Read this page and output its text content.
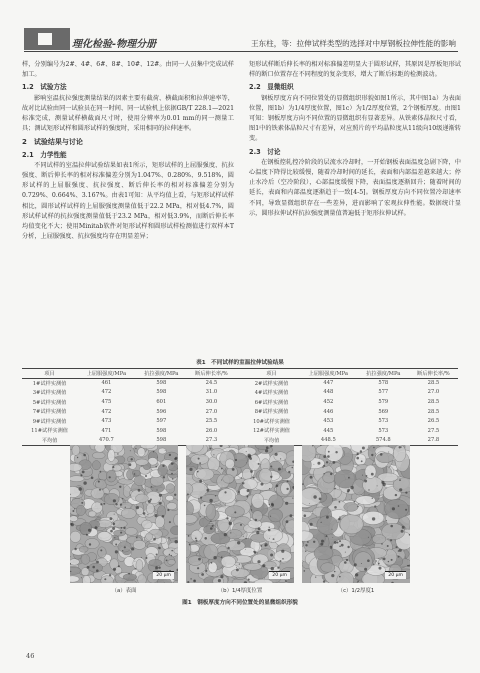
理化检验-物理分册	王东柱，等：拉伸试样类型的选择对中厚钢板拉伸性能的影响

样，分别编号为2#、4#、6#、8#、10#、12#。由同一人员集中完成试样加工。

1.2　试验方法

影响室温抗拉强度测量结果的因素主要有截荷、横截面积和拉伸速率等，故对比试验由同一试验员在同一时间、同一试验机上依据GB/T 228.1—2021标准完成，测量试样横截面尺寸时，使用分辨率为0.01 mm的同一测量工具；测试矩形试样和圆形试样的强度时，采用相同的拉伸速率。

2　试验结果与讨论
2.1　力学性能

不同试样的室温拉伸试验结果如表1所示，矩形试样的上屈服强度、抗拉强度、断后伸长率的相对标准偏差分别为1.047%、0.280%、9.518%，圆形试样的上屈服强度、抗拉强度、断后伸长率的相对标准偏差分别为0.729%、0.664%、3.167%。由表1可知：从平均值上看，与矩形试样试样相比，圆形试样试样的上屈服强度测量值低于22.2 MPa，相对低4.7%，圆形试样试样的抗拉强度测量值低于23.2 MPa，相对低3.9%，而断后伸长率均值变化不大；使用Minitab软件对矩形试样和圆形试样检测值进行双样本T分析，上屈服强度、抗拉强度均存在明显差异；

矩形试样断后伸长率的相对标准偏差明显大于圆形试样，其原因是厚板矩形试样的断口位置存在不同程度的复杂变形，增大了断后标距的检测波动。

2.2　显微组织

钢板厚度方向不同位置处的显微组织形貌如图1所示，其中图1a）为表面位置，图1b）为1/4厚度位置，图1c）为1/2厚度位置，2个钢板厚度。由图1可知：钢板厚度方向不同位置的显微组织有显著差异。从铁素体晶粒尺寸看，图1中的铁素体晶粒尺寸有差异，对应照片的平均晶粒度从11级向10级递渐转变。

2.3　讨论

在钢板控轧控冷阶段的层流水冷却时，一开始钢板表面温度急剧下降，中心温度下降得比较缓慢，随着冷却时间的延长，表面和内部温差越来越大；停止水冷后（空冷阶段），心部温度缓慢下降，表面温度逐渐回升；随着时间的延长，表面和内部温度逐渐趋于一致[4-5]。钢板厚度方向不同位置冷却速率不同，导致显微组织存在一些差异，进而影响了宏观拉伸性能。数据统计显示，圆形拉伸试样抗拉强度测量值普遍低于矩形拉伸试样。

表1　不同试样的室温拉伸试验结果
项目	上屈服强度/MPa	抗拉强度/MPa	断后伸长率/%		项目	上屈服强度/MPa	抗拉强度/MPa	断后伸长率/%
1#试样实测值	461	598	24.5		2#试样实测值	447	578	28.5
3#试样实测值	472	598	31.0		4#试样实测值	448	577	27.0
5#试样实测值	475	601	30.0		6#试样实测值	452	579	28.5
7#试样实测值	472	596	27.0		8#试样实测值	446	569	28.5
9#试样实测值	473	597	25.5		10#试样实测值	453	573	26.5
11#试样实测值	471	598	26.0		12#试样实测值	445	573	27.5
平均值	470.7	598	27.3		平均值	448.5	574.8	27.8
20 μm	20 μm	20 μm
（a）表面	（b）1/4厚度位置	（c）1/2厚度1
图1　钢板厚度方向不同位置处的显微组织形貌
46
